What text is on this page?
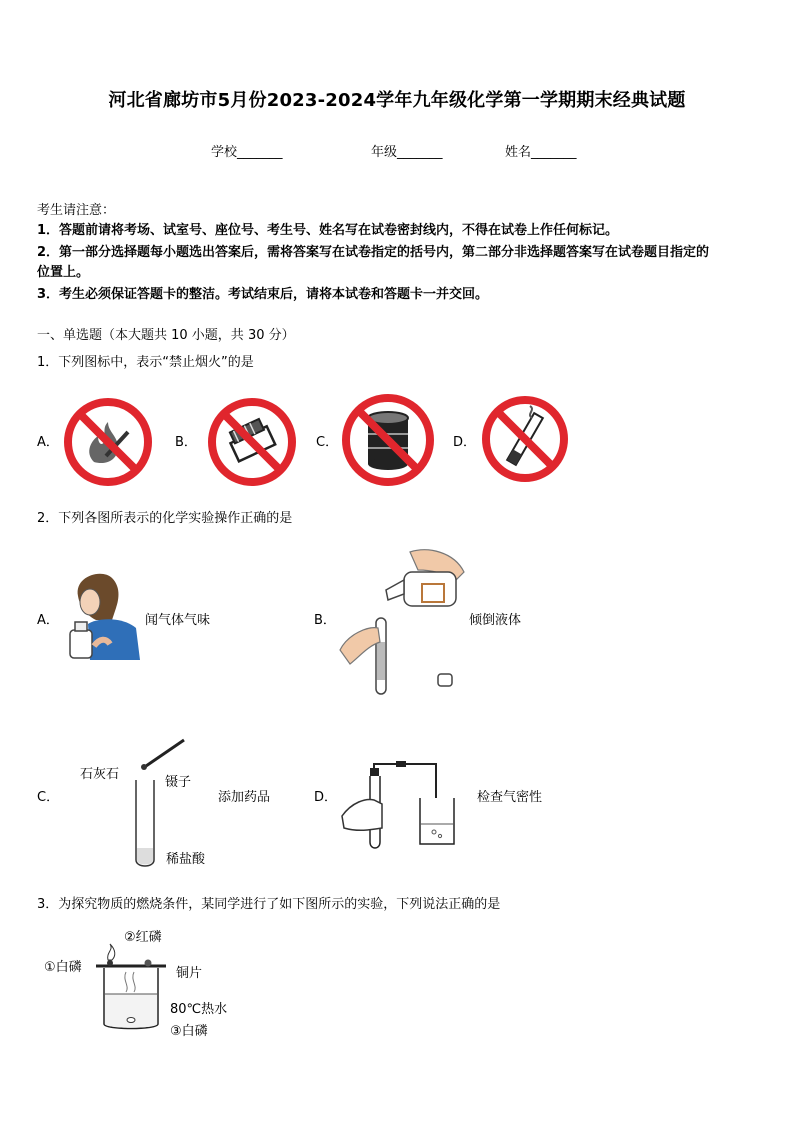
河北省廊坊市5月份2023-2024学年九年级化学第一学期期末经典试题
学校_______	年级_______	姓名_______
考生请注意：
1．答题前请将考场、试室号、座位号、考生号、姓名写在试卷密封线内，不得在试卷上作任何标记。
2．第一部分选择题每小题选出答案后，需将答案写在试卷指定的括号内，第二部分非选择题答案写在试卷题目指定的
位置上。
3．考生必须保证答题卡的整洁。考试结束后，请将本试卷和答题卡一并交回。
一、单选题（本大题共 10 小题，共 30 分）
1．下列图标中，表示“禁止烟火”的是
A．	B．	C．	D．
2．下列各图所表示的化学实验操作正确的是
A．	闻气体气味	B．	倾倒液体
C．
石灰石
镊子
稀盐酸
添加药品	D．	检查气密性
3．为探究物质的燃烧条件，某同学进行了如下图所示的实验，下列说法正确的是
②红磷
①白磷	铜片
80℃热水
③白磷
